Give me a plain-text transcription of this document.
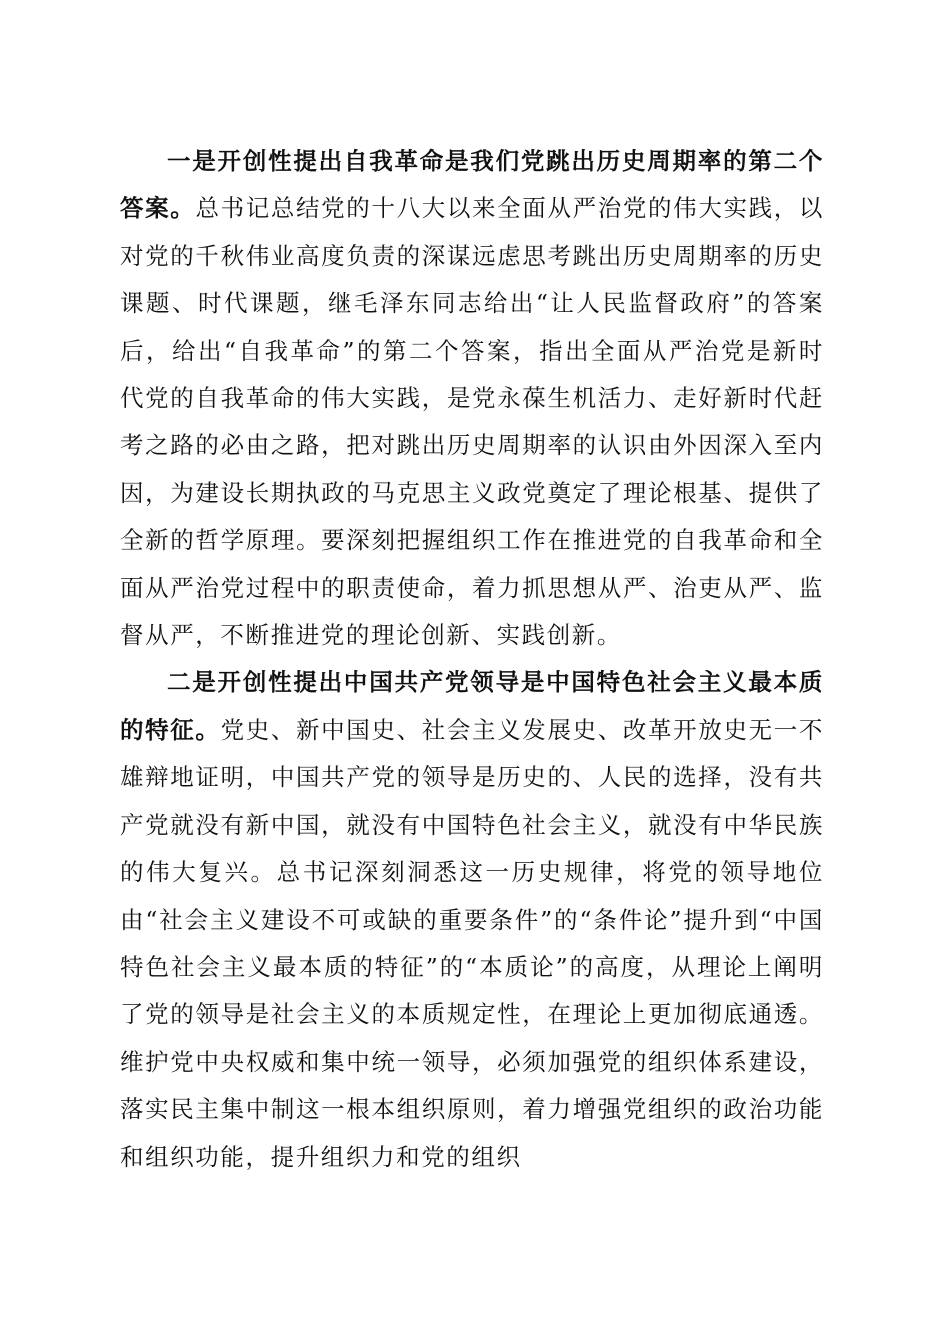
一是开创性提出自我革命是我们党跳出历史周期率的第二个答案。总书记总结党的十八大以来全面从严治党的伟大实践，以对党的千秋伟业高度负责的深谋远虑思考跳出历史周期率的历史课题、时代课题，继毛泽东同志给出“让人民监督政府”的答案后，给出“自我革命”的第二个答案，指出全面从严治党是新时代党的自我革命的伟大实践，是党永葆生机活力、走好新时代赶考之路的必由之路，把对跳出历史周期率的认识由外因深入至内因，为建设长期执政的马克思主义政党奠定了理论根基、提供了全新的哲学原理。要深刻把握组织工作在推进党的自我革命和全面从严治党过程中的职责使命，着力抓思想从严、治吏从严、监督从严，不断推进党的理论创新、实践创新。

二是开创性提出中国共产党领导是中国特色社会主义最本质的特征。党史、新中国史、社会主义发展史、改革开放史无一不雄辩地证明，中国共产党的领导是历史的、人民的选择，没有共产党就没有新中国，就没有中国特色社会主义，就没有中华民族的伟大复兴。总书记深刻洞悉这一历史规律，将党的领导地位由“社会主义建设不可或缺的重要条件”的“条件论”提升到“中国特色社会主义最本质的特征”的“本质论”的高度，从理论上阐明了党的领导是社会主义的本质规定性，在理论上更加彻底通透。维护党中央权威和集中统一领导，必须加强党的组织体系建设，落实民主集中制这一根本组织原则，着力增强党组织的政治功能和组织功能，提升组织力和党的组织
